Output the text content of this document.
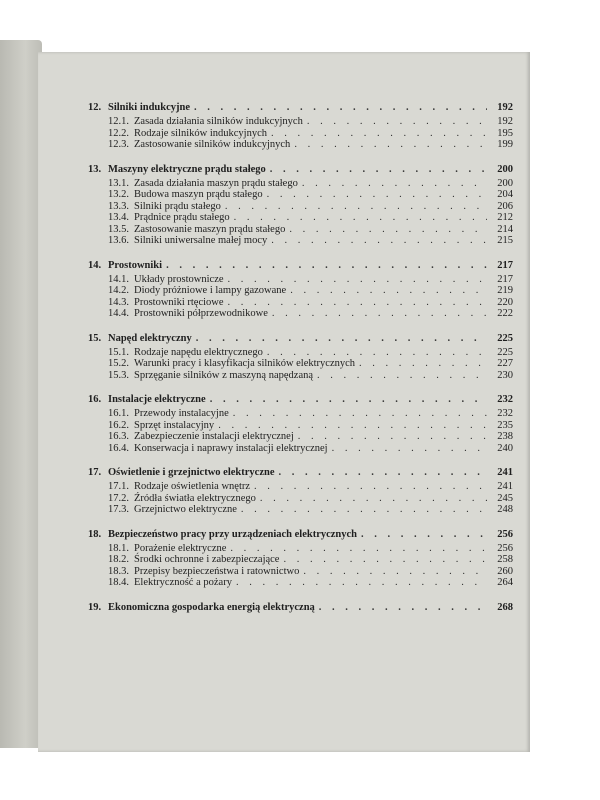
12. Silniki indukcyjne . . .	192
12.1. Zasada działania silników indukcyjnych . . .	192
12.2. Rodzaje silników indukcyjnych . . .	195
12.3. Zastosowanie silników indukcyjnych . . .	199
13. Maszyny elektryczne prądu stałego . . .	200
13.1. Zasada działania maszyn prądu stałego . . .	200
13.2. Budowa maszyn prądu stałego . . .	204
13.3. Silniki prądu stałego . . .	206
13.4. Prądnice prądu stałego . . .	212
13.5. Zastosowanie maszyn prądu stałego . . .	214
13.6. Silniki uniwersalne małej mocy . . .	215
14. Prostowniki . . .	217
14.1. Układy prostownicze . . .	217
14.2. Diody próżniowe i lampy gazowane . . .	219
14.3. Prostowniki rtęciowe . . .	220
14.4. Prostowniki półprzewodnikowe . . .	222
15. Napęd elektryczny . . .	225
15.1. Rodzaje napędu elektrycznego . . .	225
15.2. Warunki pracy i klasyfikacja silników elektrycznych . . .	227
15.3. Sprzęganie silników z maszyną napędzaną . . .	230
16. Instalacje elektryczne . . .	232
16.1. Przewody instalacyjne . . .	232
16.2. Sprzęt instalacyjny . . .	235
16.3. Zabezpieczenie instalacji elektrycznej . . .	238
16.4. Konserwacja i naprawy instalacji elektrycznej . . .	240
17. Oświetlenie i grzejnictwo elektryczne . . .	241
17.1. Rodzaje oświetlenia wnętrz . . .	241
17.2. Źródła światła elektrycznego . . .	245
17.3. Grzejnictwo elektryczne . . .	248
18. Bezpieczeństwo pracy przy urządzeniach elektrycznych . . .	256
18.1. Porażenie elektryczne . . .	256
18.2. Środki ochronne i zabezpieczające . . .	258
18.3. Przepisy bezpieczeństwa i ratownictwo . . .	260
18.4. Elektryczność a pożary . . .	264
19. Ekonomiczna gospodarka energią elektryczną . . .	268
